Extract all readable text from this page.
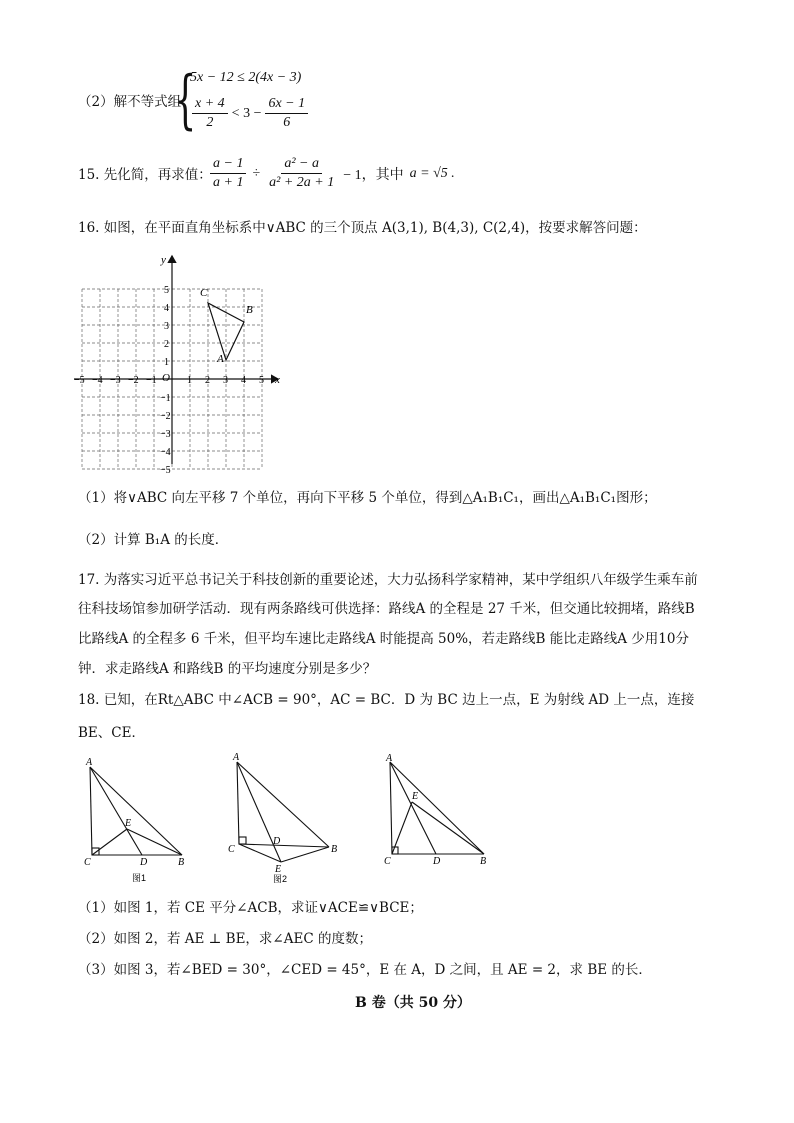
（2）解不等式组
{
5x − 12 ≤ 2(4x − 3)
$\frac{x + 4}{2} < 3 - \frac{6x - 1}{6}$
15. 先化简，再求值：
$\frac{a - 1}{a + 1} \div \frac{\text{a² − a}}{\text{a² + 2a + 1}} - 1$，其中 a = √5 .
16. 如图，在平面直角坐标系中∨ABC 的三个顶点 A(3,1), B(4,3), C(2,4)，按要求解答问题：
x
y
O
−5 −4 −3 −2 −1	1 2 3 4 5
5
4
3
2
1
−1
−2
−3
−4
−5
A
B
C
（1）将∨ABC 向左平移 7 个单位，再向下平移 5 个单位，得到△A₁B₁C₁，画出△A₁B₁C₁图形；
（2）计算 B₁A 的长度．
17. 为落实习近平总书记关于科技创新的重要论述，大力弘扬科学家精神，某中学组织八年级学生乘车前
往科技场馆参加研学活动．现有两条路线可供选择：路线A 的全程是 27 千米，但交通比较拥堵，路线B
比路线A 的全程多 6 千米，但平均车速比走路线A 时能提高 50%，若走路线B 能比走路线A 少用10分
钟．求走路线A 和路线B 的平均速度分别是多少？
18. 已知，在Rt△ABC 中∠ACB = 90°，AC = BC．D 为 BC 边上一点，E 为射线 AD 上一点，连接
BE、CE．
A
C	D	B
E
图1
A
C
D
B
E
图2
A
C	D	B
E
（1）如图 1，若 CE 平分∠ACB，求证∨ACE≌∨BCE；
（2）如图 2，若 AE ⊥ BE，求∠AEC 的度数；
（3）如图 3，若∠BED = 30°，∠CED = 45°，E 在 A，D 之间，且 AE = 2，求 BE 的长．
B 卷（共 50 分）
